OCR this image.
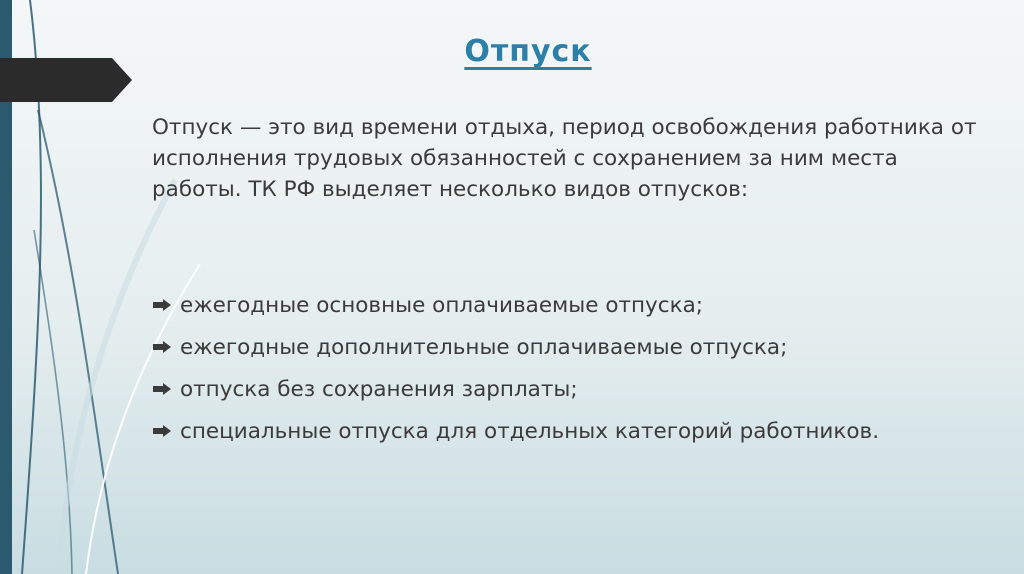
Отпуск
Отпуск — это вид времени отдыха, период освобождения работника от исполнения трудовых обязанностей с сохранением за ним места работы. ТК РФ выделяет несколько видов отпусков:
ежегодные основные оплачиваемые отпуска;
ежегодные дополнительные оплачиваемые отпуска;
отпуска без сохранения зарплаты;
специальные отпуска для отдельных категорий работников.
